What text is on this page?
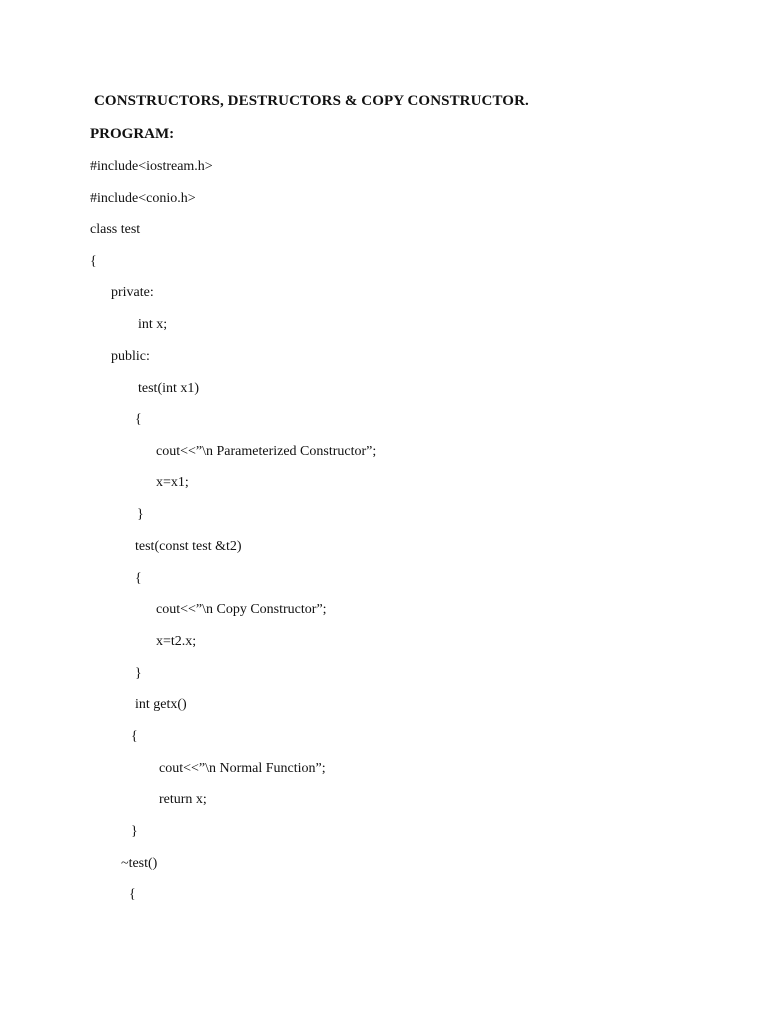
CONSTRUCTORS, DESTRUCTORS & COPY CONSTRUCTOR.
PROGRAM:
#include<iostream.h>
#include<conio.h>
class test
{
private:
int x;
public:
test(int x1)
{
cout<<”\n Parameterized Constructor”;
x=x1;
}
test(const test &t2)
{
cout<<”\n Copy Constructor”;
x=t2.x;
}
int getx()
{
cout<<”\n Normal Function”;
return x;
}
~test()
{
